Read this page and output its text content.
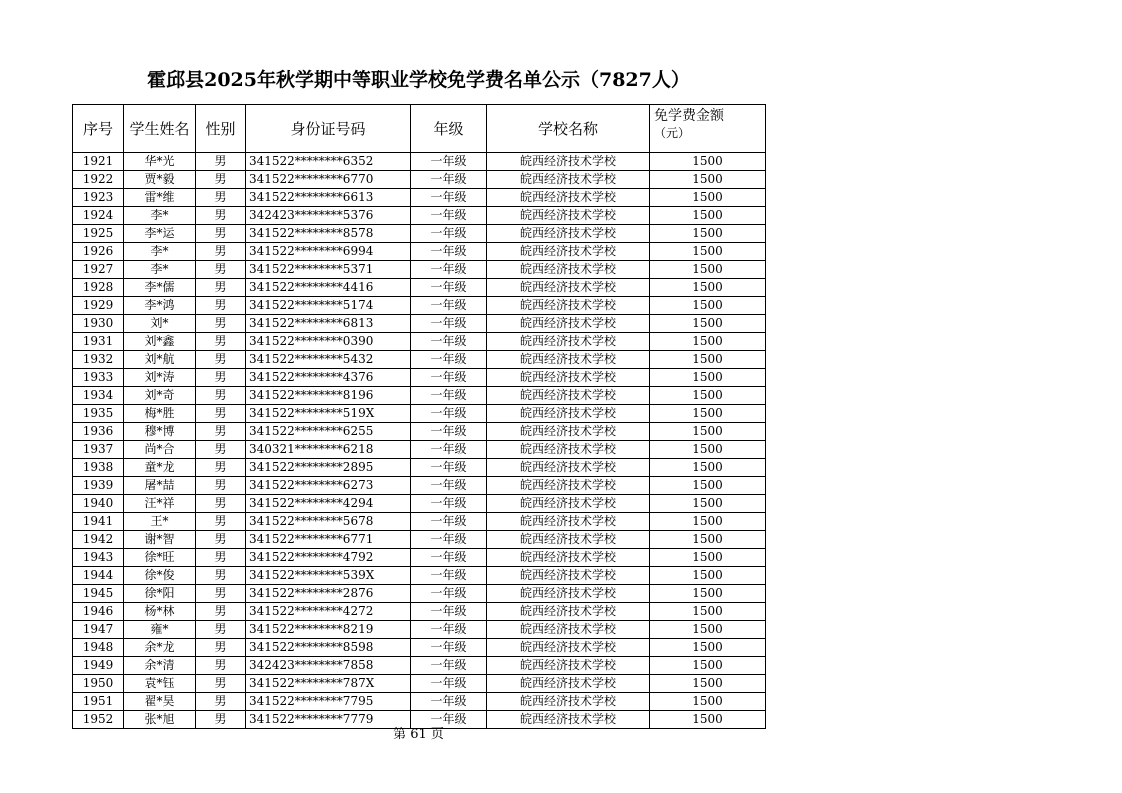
霍邱县2025年秋学期中等职业学校免学费名单公示（7827人）
序号	学生姓名	性别	身份证号码	年级	学校名称	免学费金额
（元）

1921	华*光	男	341522********6352	一年级	皖西经济技术学校	1500
1922	贾*毅	男	341522********6770	一年级	皖西经济技术学校	1500
1923	雷*维	男	341522********6613	一年级	皖西经济技术学校	1500
1924	李*	男	342423********5376	一年级	皖西经济技术学校	1500
1925	李*运	男	341522********8578	一年级	皖西经济技术学校	1500
1926	李*	男	341522********6994	一年级	皖西经济技术学校	1500
1927	李*	男	341522********5371	一年级	皖西经济技术学校	1500
1928	李*儒	男	341522********4416	一年级	皖西经济技术学校	1500
1929	李*鸿	男	341522********5174	一年级	皖西经济技术学校	1500
1930	刘*	男	341522********6813	一年级	皖西经济技术学校	1500
1931	刘*鑫	男	341522********0390	一年级	皖西经济技术学校	1500
1932	刘*航	男	341522********5432	一年级	皖西经济技术学校	1500
1933	刘*涛	男	341522********4376	一年级	皖西经济技术学校	1500
1934	刘*奇	男	341522********8196	一年级	皖西经济技术学校	1500
1935	梅*胜	男	341522********519X	一年级	皖西经济技术学校	1500
1936	穆*博	男	341522********6255	一年级	皖西经济技术学校	1500
1937	尚*合	男	340321********6218	一年级	皖西经济技术学校	1500
1938	童*龙	男	341522********2895	一年级	皖西经济技术学校	1500
1939	屠*喆	男	341522********6273	一年级	皖西经济技术学校	1500
1940	汪*祥	男	341522********4294	一年级	皖西经济技术学校	1500
1941	王*	男	341522********5678	一年级	皖西经济技术学校	1500
1942	谢*智	男	341522********6771	一年级	皖西经济技术学校	1500
1943	徐*旺	男	341522********4792	一年级	皖西经济技术学校	1500
1944	徐*俊	男	341522********539X	一年级	皖西经济技术学校	1500
1945	徐*阳	男	341522********2876	一年级	皖西经济技术学校	1500
1946	杨*林	男	341522********4272	一年级	皖西经济技术学校	1500
1947	雍*	男	341522********8219	一年级	皖西经济技术学校	1500
1948	余*龙	男	341522********8598	一年级	皖西经济技术学校	1500
1949	余*清	男	342423********7858	一年级	皖西经济技术学校	1500
1950	袁*钰	男	341522********787X	一年级	皖西经济技术学校	1500
1951	翟*昊	男	341522********7795	一年级	皖西经济技术学校	1500
1952	张*旭	男	341522********7779	一年级	皖西经济技术学校	1500
第 61 页
